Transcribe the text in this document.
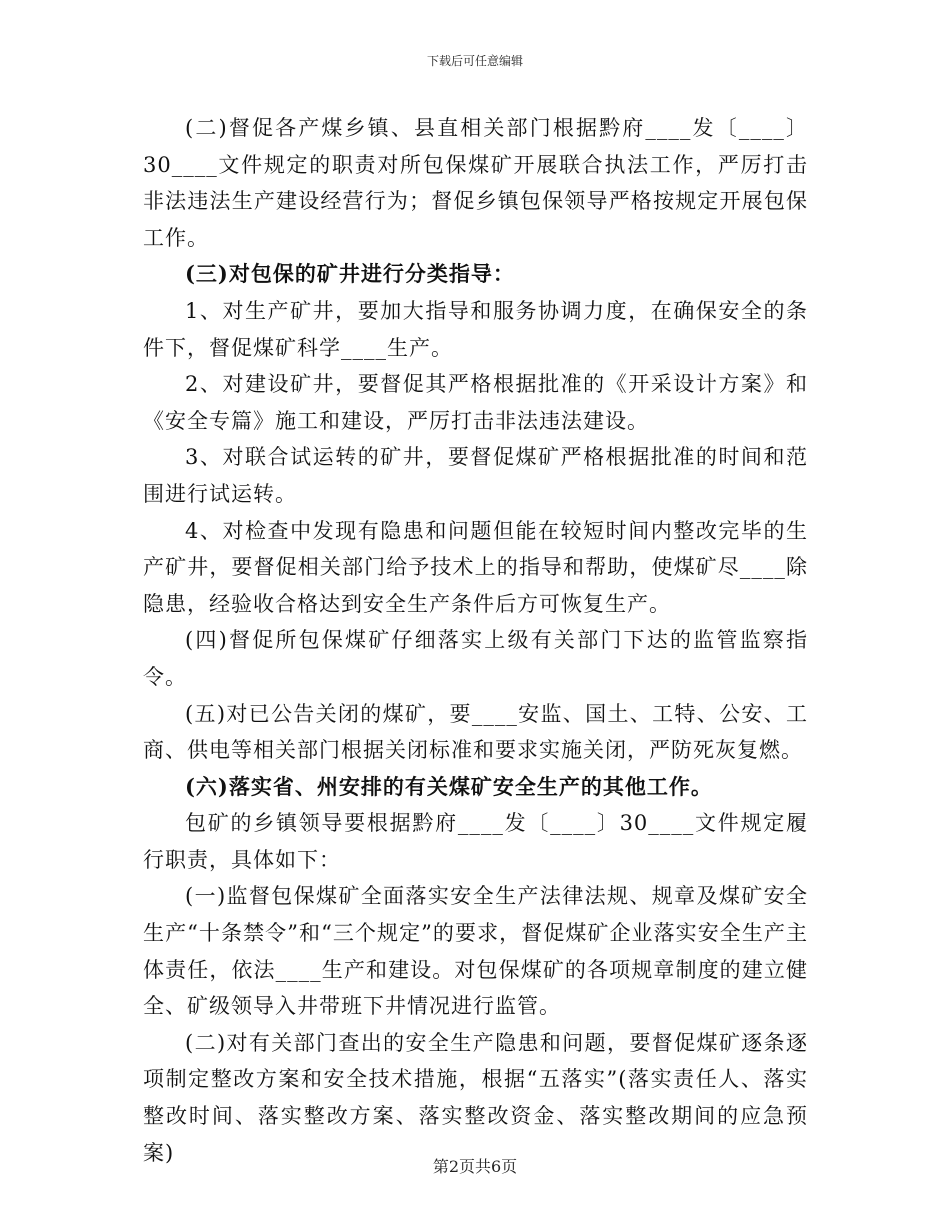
下载后可任意编辑

(二)督促各产煤乡镇、县直相关部门根据黔府____发〔____〕30____文件规定的职责对所包保煤矿开展联合执法工作，严厉打击非法违法生产建设经营行为；督促乡镇包保领导严格按规定开展包保工作。

(三)对包保的矿井进行分类指导：

1、对生产矿井，要加大指导和服务协调力度，在确保安全的条件下，督促煤矿科学____生产。

2、对建设矿井，要督促其严格根据批准的《开采设计方案》和《安全专篇》施工和建设，严厉打击非法违法建设。

3、对联合试运转的矿井，要督促煤矿严格根据批准的时间和范围进行试运转。

4、对检查中发现有隐患和问题但能在较短时间内整改完毕的生产矿井，要督促相关部门给予技术上的指导和帮助，使煤矿尽____除隐患，经验收合格达到安全生产条件后方可恢复生产。

(四)督促所包保煤矿仔细落实上级有关部门下达的监管监察指令。

(五)对已公告关闭的煤矿，要____安监、国土、工特、公安、工商、供电等相关部门根据关闭标准和要求实施关闭，严防死灰复燃。

(六)落实省、州安排的有关煤矿安全生产的其他工作。

包矿的乡镇领导要根据黔府____发〔____〕30____文件规定履行职责，具体如下：

(一)监督包保煤矿全面落实安全生产法律法规、规章及煤矿安全生产“十条禁令”和“三个规定”的要求，督促煤矿企业落实安全生产主体责任，依法____生产和建设。对包保煤矿的各项规章制度的建立健全、矿级领导入井带班下井情况进行监管。

(二)对有关部门查出的安全生产隐患和问题，要督促煤矿逐条逐项制定整改方案和安全技术措施，根据“五落实”(落实责任人、落实整改时间、落实整改方案、落实整改资金、落实整改期间的应急预案)

第2页共6页
